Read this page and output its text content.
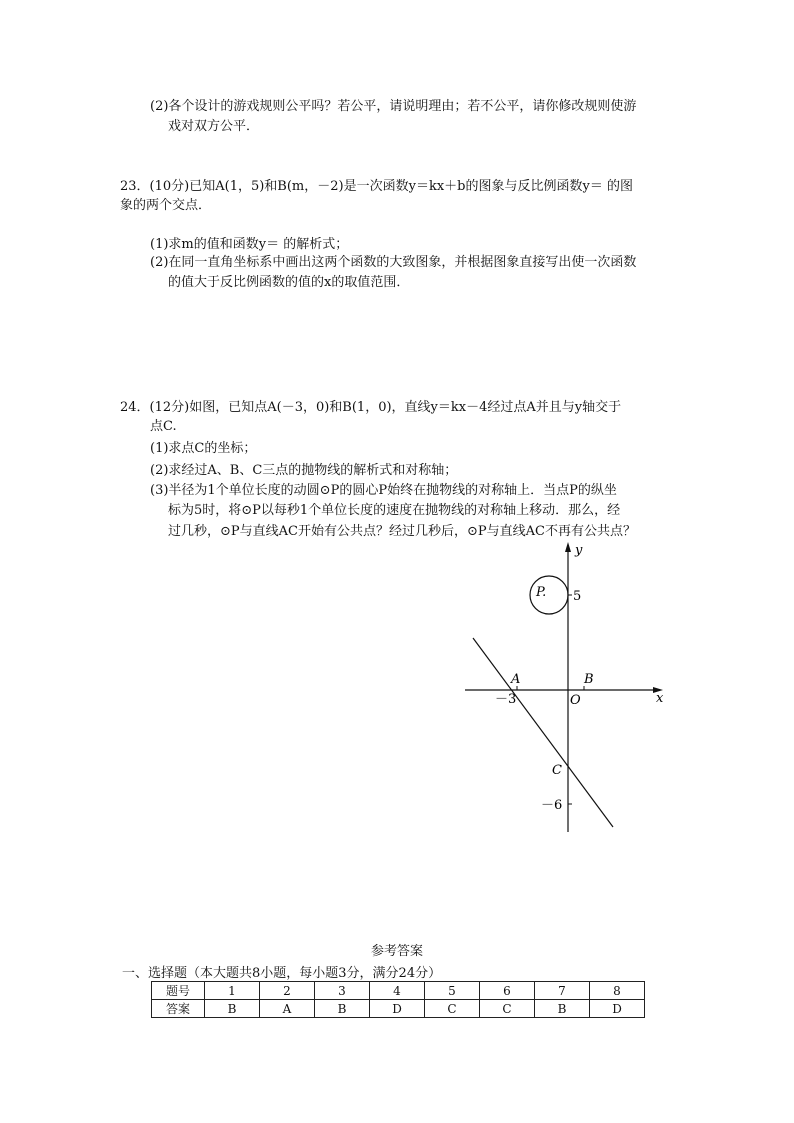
(2)各个设计的游戏规则公平吗？若公平，请说明理由；若不公平，请你修改规则使游
戏对双方公平．
23．(10分)已知A(1，5)和B(m，－2)是一次函数y＝kx＋b的图象与反比例函数y＝ 的图
象的两个交点．
(1)求m的值和函数y＝ 的解析式；
(2)在同一直角坐标系中画出这两个函数的大致图象，并根据图象直接写出使一次函数
的值大于反比例函数的值的x的取值范围．
24．(12分)如图，已知点A(－3，0)和B(1，0)，直线y＝kx－4经过点A并且与y轴交于
点C.
(1)求点C的坐标；
(2)求经过A、B、C三点的抛物线的解析式和对称轴；
(3)半径为1个单位长度的动圆⊙P的圆心P始终在抛物线的对称轴上．当点P的纵坐
标为5时，将⊙P以每秒1个单位长度的速度在抛物线的对称轴上移动．那么，经
过几秒，⊙P与直线AC开始有公共点？经过几秒后，⊙P与直线AC不再有公共点？
y
x
5
P.
A	B
－3	O
C
－6
参考答案
一、选择题（本大题共8小题，每小题3分，满分24分）
题号	1	2	3	4	5	6	7	8
答案	B	A	B	D	C	C	B	D
